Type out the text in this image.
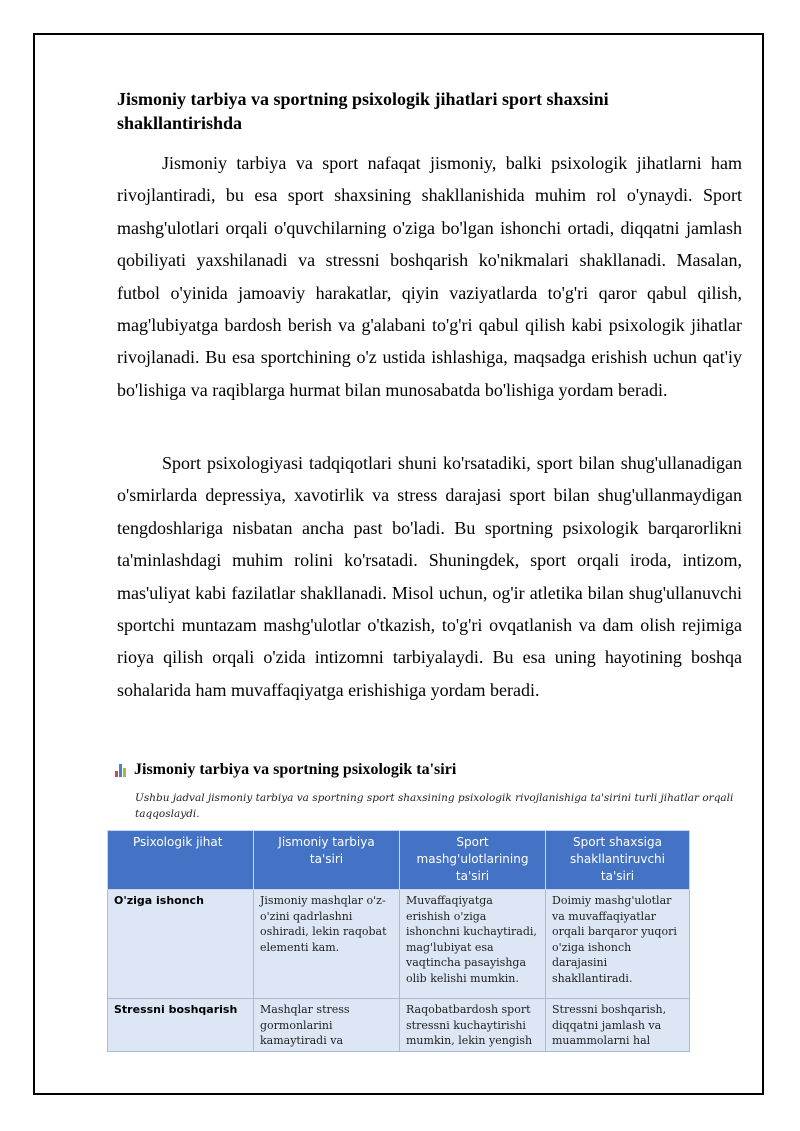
Jismoniy tarbiya va sportning psixologik jihatlari sport shaxsini shakllantirishda

Jismoniy tarbiya va sport nafaqat jismoniy, balki psixologik jihatlarni ham rivojlantiradi, bu esa sport shaxsining shakllanishida muhim rol o'ynaydi. Sport mashg'ulotlari orqali o'quvchilarning o'ziga bo'lgan ishonchi ortadi, diqqatni jamlash qobiliyati yaxshilanadi va stressni boshqarish ko'nikmalari shakllanadi. Masalan, futbol o'yinida jamoaviy harakatlar, qiyin vaziyatlarda to'g'ri qaror qabul qilish, mag'lubiyatga bardosh berish va g'alabani to'g'ri qabul qilish kabi psixologik jihatlar rivojlanadi. Bu esa sportchining o'z ustida ishlashiga, maqsadga erishish uchun qat'iy bo'lishiga va raqiblarga hurmat bilan munosabatda bo'lishiga yordam beradi.

Sport psixologiyasi tadqiqotlari shuni ko'rsatadiki, sport bilan shug'ullanadigan o'smirlarda depressiya, xavotirlik va stress darajasi sport bilan shug'ullanmaydigan tengdoshlariga nisbatan ancha past bo'ladi. Bu sportning psixologik barqarorlikni ta'minlashdagi muhim rolini ko'rsatadi. Shuningdek, sport orqali iroda, intizom, mas'uliyat kabi fazilatlar shakllanadi. Misol uchun, og'ir atletika bilan shug'ullanuvchi sportchi muntazam mashg'ulotlar o'tkazish, to'g'ri ovqatlanish va dam olish rejimiga rioya qilish orqali o'zida intizomni tarbiyalaydi. Bu esa uning hayotining boshqa sohalarida ham muvaffaqiyatga erishishiga yordam beradi.

Jismoniy tarbiya va sportning psixologik ta'siri
Ushbu jadval jismoniy tarbiya va sportning sport shaxsining psixologik rivojlanishiga ta'sirini turli jihatlar orqali taqqoslaydi.
Psixologik jihat	Jismoniy tarbiya ta'siri	Sport mashg'ulotlarining ta'siri	Sport shaxsiga shakllantiruvchi ta'siri
O'ziga ishonch	Jismoniy mashqlar o'z-o'zini qadrlashni oshiradi, lekin raqobat elementi kam.	Muvaffaqiyatga erishish o'ziga ishonchni kuchaytiradi, mag'lubiyat esa vaqtincha pasayishga olib kelishi mumkin.	Doimiy mashg'ulotlar va muvaffaqiyatlar orqali barqaror yuqori o'ziga ishonch darajasini shakllantiradi.
Stressni boshqarish	Mashqlar stress gormonlarini kamaytiradi va	Raqobatbardosh sport stressni kuchaytirishi mumkin, lekin yengish	Stressni boshqarish, diqqatni jamlash va muammolarni hal
